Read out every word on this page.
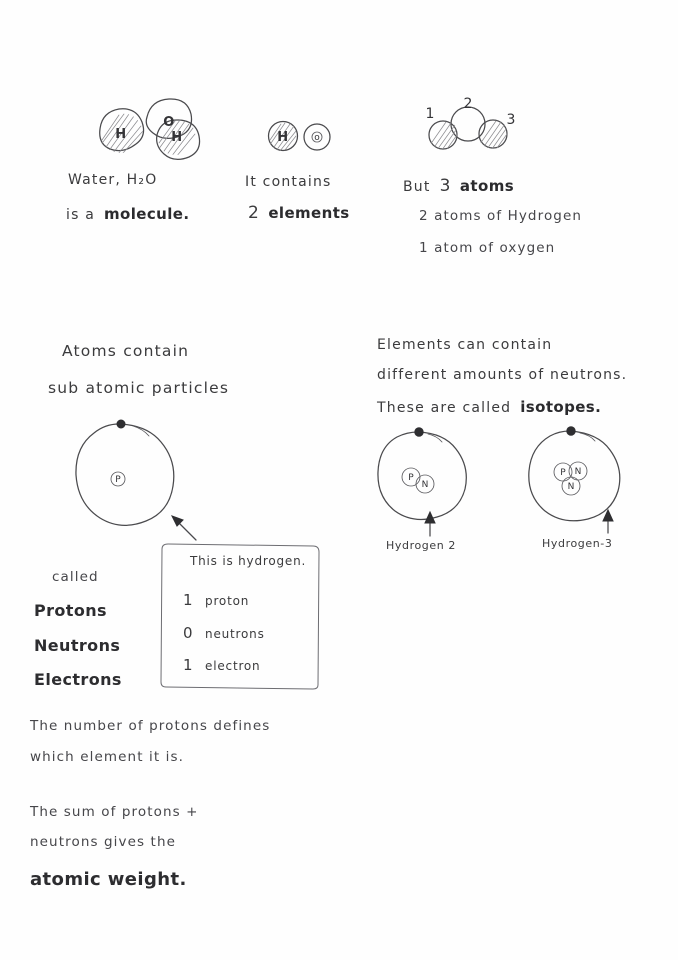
H
O
H	H	o
1
2
3
P	P
N
P N
N
Water, H₂O
is a molecule.
It contains
2 elements
But 3 atoms
2 atoms of Hydrogen
1 atom of oxygen
Atoms contain
sub atomic particles
called
Protons
Neutrons
Electrons
This is hydrogen.
1 proton
0 neutrons
1 electron
Elements can contain
different amounts of neutrons.
These are called isotopes.
Hydrogen 2	Hydrogen-3
The number of protons defines
which element it is.
The sum of protons +
neutrons gives the
atomic weight.
